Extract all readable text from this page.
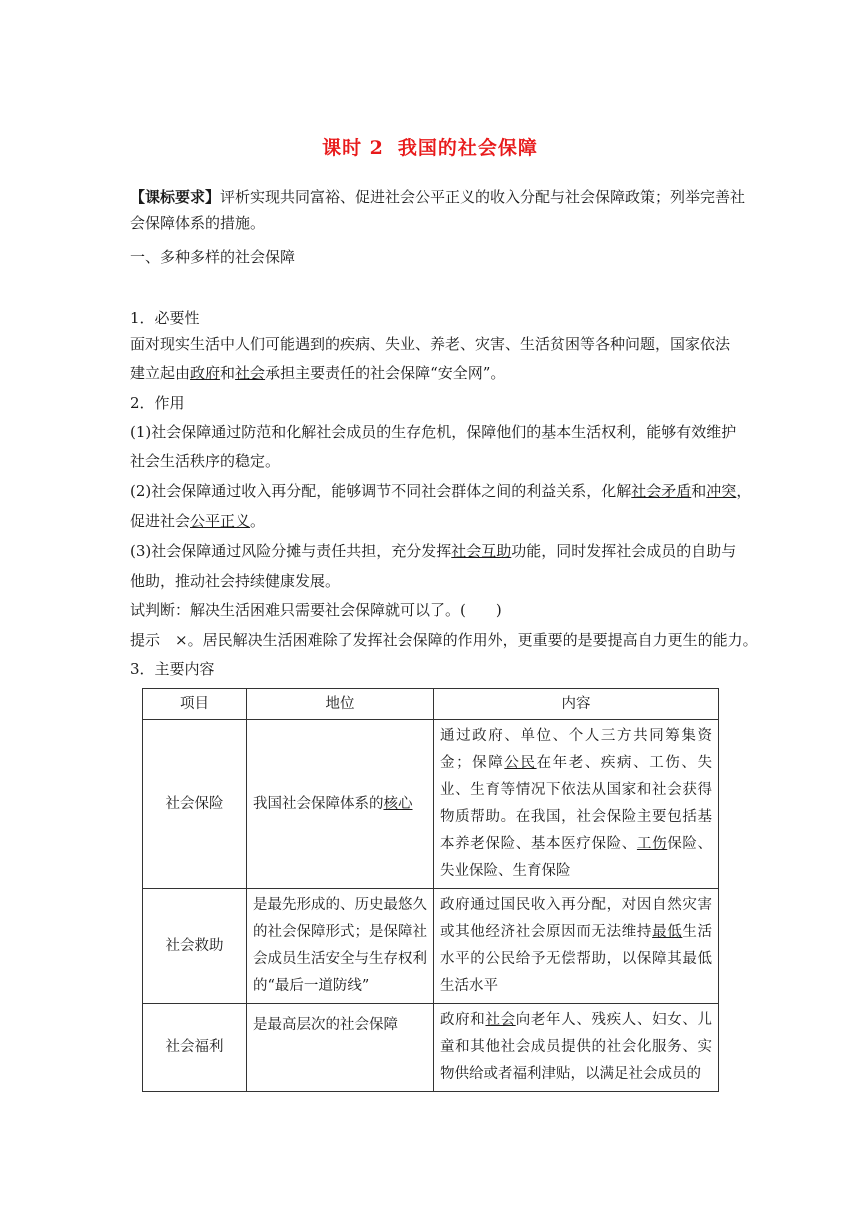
课时 2 我国的社会保障
【课标要求】评析实现共同富裕、促进社会公平正义的收入分配与社会保障政策；列举完善社
会保障体系的措施。
一、多种多样的社会保障
1．必要性
面对现实生活中人们可能遇到的疾病、失业、养老、灾害、生活贫困等各种问题，国家依法
建立起由政府和社会承担主要责任的社会保障“安全网”。
2．作用
(1)社会保障通过防范和化解社会成员的生存危机，保障他们的基本生活权利，能够有效维护
社会生活秩序的稳定。
(2)社会保障通过收入再分配，能够调节不同社会群体之间的利益关系，化解社会矛盾和冲突，
促进社会公平正义。
(3)社会保障通过风险分摊与责任共担，充分发挥社会互助功能，同时发挥社会成员的自助与
他助，推动社会持续健康发展。
试判断：解决生活困难只需要社会保障就可以了。(　　)
提示　×。居民解决生活困难除了发挥社会保障的作用外，更重要的是要提高自力更生的能力。
3．主要内容
项目	地位	内容
社会保险	我国社会保障体系的核心	通过政府、单位、个人三方共同筹集资金；保障公民在年老、疾病、工伤、失业、生育等情况下依法从国家和社会获得物质帮助。在我国，社会保险主要包括基本养老保险、基本医疗保险、工伤保险、失业保险、生育保险
社会救助	是最先形成的、历史最悠久的社会保障形式；是保障社会成员生活安全与生存权利的“最后一道防线”	政府通过国民收入再分配，对因自然灾害或其他经济社会原因而无法维持最低生活水平的公民给予无偿帮助，以保障其最低生活水平
社会福利	是最高层次的社会保障	政府和社会向老年人、残疾人、妇女、儿童和其他社会成员提供的社会化服务、实物供给或者福利津贴，以满足社会成员的
